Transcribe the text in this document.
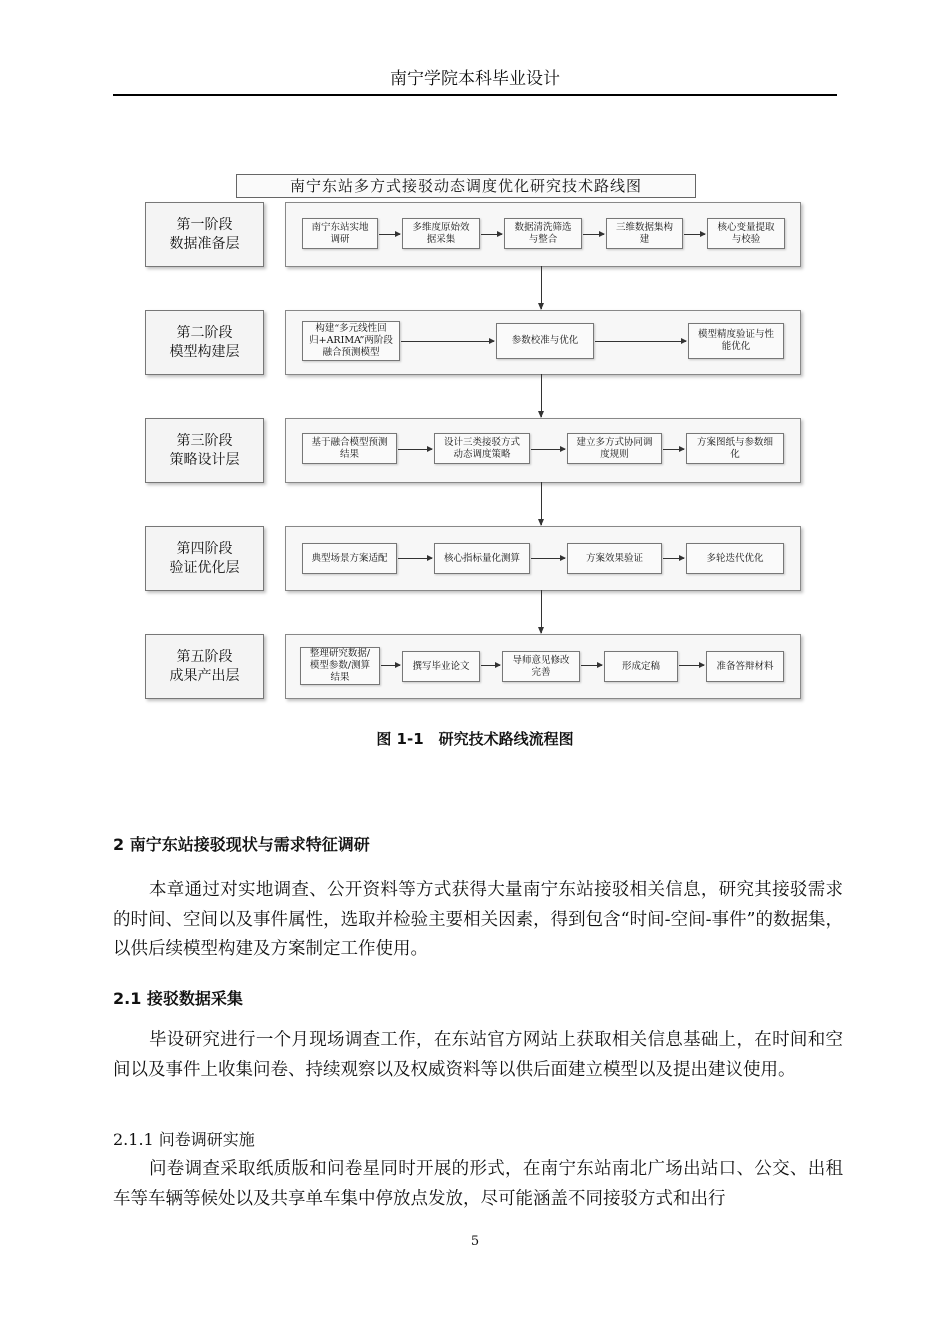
南宁学院本科毕业设计
南宁东站多方式接驳动态调度优化研究技术路线图
第一阶段
数据准备层
南宁东站实地
调研
多维度原始效
据采集
数据清洗筛选
与整合
三维数据集构
建
核心变量提取
与校验
第二阶段
模型构建层
构建“多元线性回
归+ARIMA”两阶段
融合预测模型
参数校准与优化
模型精度验证与性
能优化
第三阶段
策略设计层
基于融合模型预测
结果
设计三类接驳方式
动态调度策略
建立多方式协同调
度规则
方案图纸与参数细
化
第四阶段
验证优化层
典型场景方案适配	核心指标量化测算	方案效果验证	多轮迭代优化
第五阶段
成果产出层
整理研究数据/
模型参数/测算
结果
撰写毕业论文
导师意见修改
完善
形成定稿	准备答辩材料
图 1-1　研究技术路线流程图
2 南宁东站接驳现状与需求特征调研
本章通过对实地调查、公开资料等方式获得大量南宁东站接驳相关信息，研究其接驳需求的时间、空间以及事件属性，选取并检验主要相关因素，得到包含“时间-空间-事件”的数据集，以供后续模型构建及方案制定工作使用。
2.1 接驳数据采集
毕设研究进行一个月现场调查工作，在东站官方网站上获取相关信息基础上，在时间和空间以及事件上收集问卷、持续观察以及权威资料等以供后面建立模型以及提出建议使用。
2.1.1 问卷调研实施
问卷调查采取纸质版和问卷星同时开展的形式，在南宁东站南北广场出站口、公交、出租车等车辆等候处以及共享单车集中停放点发放，尽可能涵盖不同接驳方式和出行
5
